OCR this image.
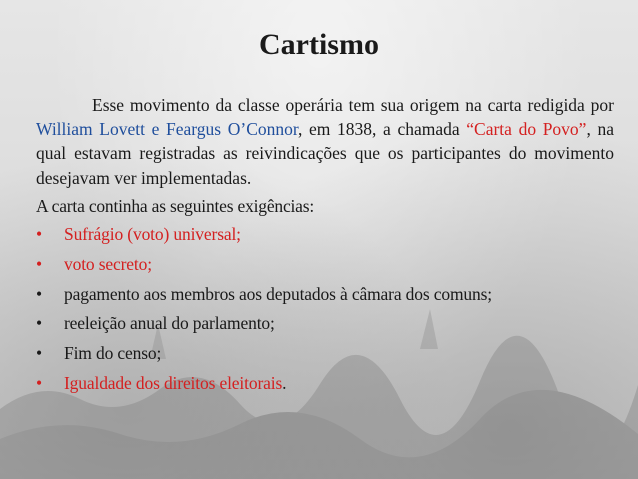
Cartismo

Esse movimento da classe operária tem sua origem na carta redigida por William Lovett e Feargus O’Connor, em 1838, a chamada “Carta do Povo”, na qual estavam registradas as reivindicações que os participantes do movimento desejavam ver implementadas.

A carta continha as seguintes exigências:

• Sufrágio (voto) universal;
• voto secreto;
• pagamento aos membros aos deputados à câmara dos comuns;
• reeleição anual do parlamento;
• Fim do censo;
• Igualdade dos direitos eleitorais.
